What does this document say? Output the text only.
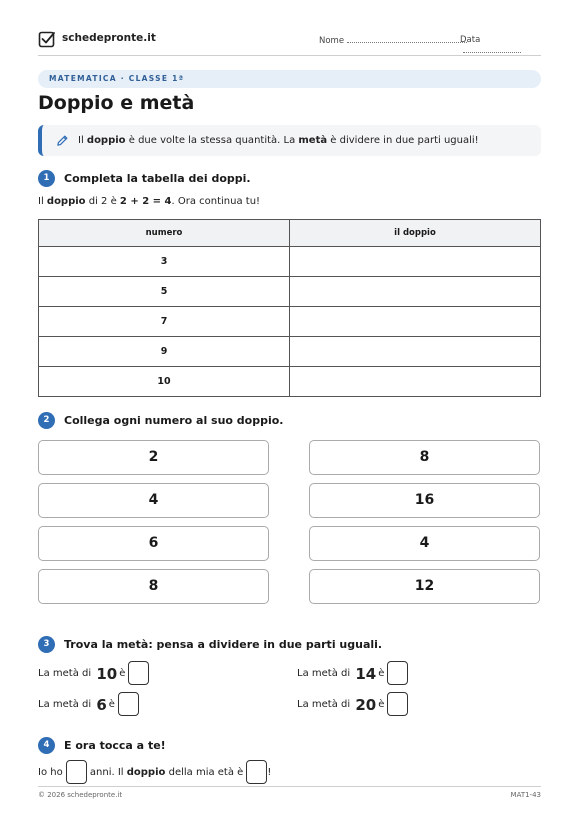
schedepronte.it	Nome	Data
MATEMATICA · CLASSE 1ª
Doppio e metà
Il doppio è due volte la stessa quantità. La metà è dividere in due parti uguali!
1 Completa la tabella dei doppi.
Il doppio di 2 è 2 + 2 = 4. Ora continua tu!
numero	il doppio
3	
5	
7	
9	
10	
2 Collega ogni numero al suo doppio.
2
4
6
8
8
16
4
12
3 Trova la metà: pensa a dividere in due parti uguali.
La metà di 10 è	La metà di 14 è
La metà di 6 è	La metà di 20 è
4 E ora tocca a te!
Io ho	anni. Il doppio della mia età è !
© 2026 schedepronte.it	MAT1-43
